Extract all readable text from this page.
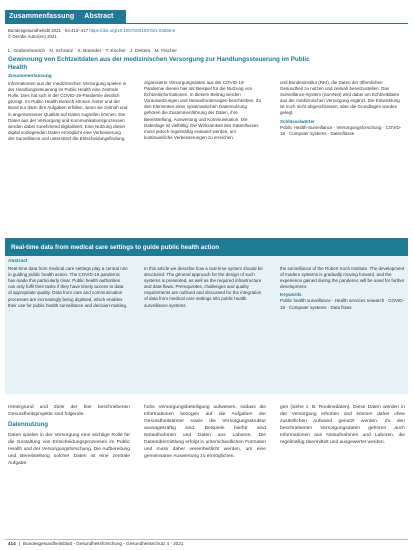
Zusammenfassung Abstract
Bundesgesundheitsbl 2021 · 64:413–417 https://doi.org/10.1007/s00103-021-03293-6
© Der/die Autor(en) 2021
L. Grabenhenrich · N. Schranz · S. Boender · T. Kocher · J. Deiters · M. Fischer
Gewinnung von Echtzeitdaten aus der medizinischen Versorgung zur Handlungssteuerung im Public Health
Zusammenfassung

Informationen aus der medizinischen Versorgung spielen in der Handlungssteuerung im Public Health eine zentrale Rolle. Dies hat sich in der COVID-19-Pandemie deutlich gezeigt. Im Public Health Bereich können Ämter und der Bund nur dann ihre Aufgaben erfüllen, wenn sie zeitnah und in angemessener Qualität auf Daten zugreifen können. Die Daten aus der Versorgung und Kommunikationsprozessen werden dabei zunehmend digitalisiert. Eine Nutzung dieser digital vorliegenden Daten ermöglicht eine Verbesserung der Surveillance und unterstützt die Entscheidungsfindung.

organisierte Versorgungsdaten aus der COVID-19-Pandemie dienen hier als Beispiel für die Nutzung von Echtzeitinformationen. In diesem Beitrag werden Voraussetzungen und Herausforderungen beschrieben. Zu den Elementen einer systematischen Datennutzung gehören die Zusammenführung der Daten, ihre Bereitstellung, Auswertung und Kommunikation. Die Datenlage ist vielfältig. Die Wirksamkeit des Datenflusses muss jedoch regelmäßig evaluiert werden, um kontinuierliche Verbesserungen zu erreichen.

und Bundesinstitut (RKI), die Daten der öffentlichen Gesundheit zu nutzen und zeitnah bereitzustellen. Das Surveillance-System (SurvNet) wird dabei um Echtzeitdaten aus der medizinischen Versorgung ergänzt. Die Entwicklung ist noch nicht abgeschlossen, aber die Grundlagen wurden gelegt.

Schlüsselwörter

Public Health-Surveillance · Versorgungsforschung · COVID-19 · Computer systems · Datenflüsse

Real-time data from medical care settings to guide public health action
Abstract

Real-time data from medical care settings play a central role in guiding public health action. The COVID-19 pandemic has made this particularly clear. Public health authorities can only fulfil their tasks if they have timely access to data of appropriate quality. Data from care and communication processes are increasingly being digitised, which enables their use for public health surveillance and decision-making.

In this article we describe how a real-time system should be structured. The general approach for the design of such systems is presented, as well as the required infrastructure and data flows. Prerequisites, challenges and quality requirements are outlined and discussed for the integration of data from medical care settings into public health surveillance systems.

the surveillance of the Robert Koch Institute. The development of modern systems is gradually moving forward, and the experience gained during the pandemic will be used for further development.

Keywords

Public health surveillance · Health services research · COVID-19 · Computer systems · Data flows

Hintergrund und Ziele der hier beschriebenen Gesundheitsprojekte sind folgende.

Datennutzung

Daten spielen in der Versorgung eine wichtige Rolle für die Gestaltung von Entscheidungsprozessen im Public Health und der Versorgungsforschung. Die Aufbereitung und Bereitstellung solcher Daten ist eine zentrale Aufgabe.

hohe Versorgungsbeteiligung aufweisen, sodass die Informationen bezogen auf die Aufgaben der Gesundheitsämter sowie die Versorgungsstruktur aussagekräftig sind. Beispiele hierfür sind Notaufnahmen und Daten aus Laboren. Die Datenübermittlung erfolgt in unterschiedlichen Formaten und muss daher vereinheitlicht werden, um eine gemeinsame Auswertung zu ermöglichen.

gen (siehe z. B. Routinedaten). Diese Daten werden in der Versorgung erhoben und können daher ohne zusätzlichen Aufwand genutzt werden. Zu den beschriebenen Versorgungsdaten gehören auch Informationen aus Notaufnahmen und Laboren, die regelmäßig übermittelt und ausgewertet werden.

414 | Bundesgesundheitsblatt - Gesundheitsforschung - Gesundheitsschutz 4 · 2021
